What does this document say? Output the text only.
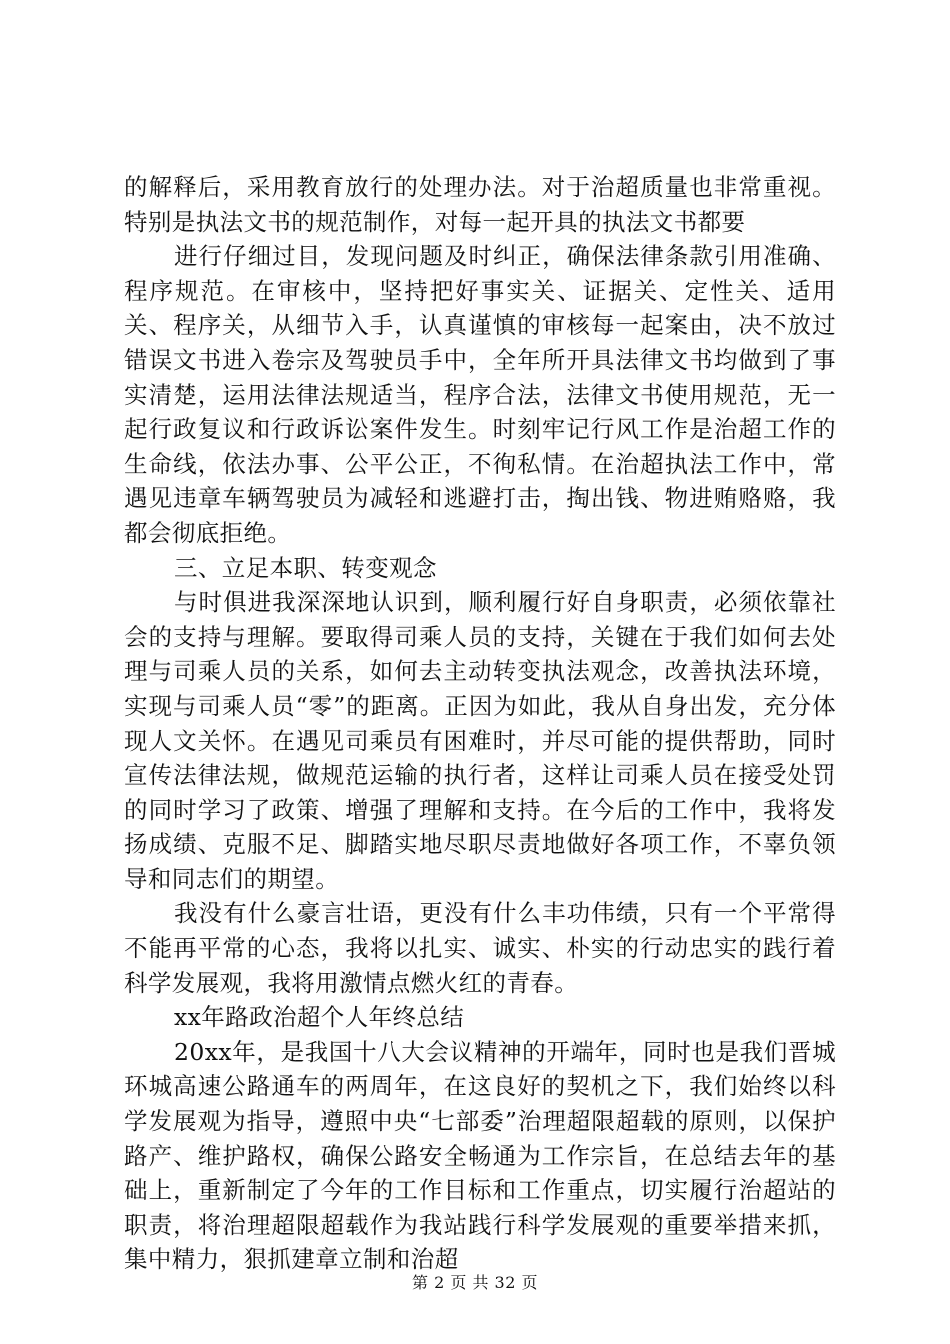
的解释后，采用教育放行的处理办法。对于治超质量也非常重视。特别是执法文书的规范制作，对每一起开具的执法文书都要

进行仔细过目，发现问题及时纠正，确保法律条款引用准确、程序规范。在审核中，坚持把好事实关、证据关、定性关、适用关、程序关，从细节入手，认真谨慎的审核每一起案由，决不放过错误文书进入卷宗及驾驶员手中，全年所开具法律文书均做到了事实清楚，运用法律法规适当，程序合法，法律文书使用规范，无一起行政复议和行政诉讼案件发生。时刻牢记行风工作是治超工作的生命线，依法办事、公平公正，不徇私情。在治超执法工作中，常遇见违章车辆驾驶员为减轻和逃避打击，掏出钱、物进贿赂赂，我都会彻底拒绝。

三、立足本职、转变观念

与时俱进我深深地认识到，顺利履行好自身职责，必须依靠社会的支持与理解。要取得司乘人员的支持，关键在于我们如何去处理与司乘人员的关系，如何去主动转变执法观念，改善执法环境，实现与司乘人员“零”的距离。正因为如此，我从自身出发，充分体现人文关怀。在遇见司乘员有困难时，并尽可能的提供帮助，同时宣传法律法规，做规范运输的执行者，这样让司乘人员在接受处罚的同时学习了政策、增强了理解和支持。在今后的工作中，我将发扬成绩、克服不足、脚踏实地尽职尽责地做好各项工作，不辜负领导和同志们的期望。

我没有什么豪言壮语，更没有什么丰功伟绩，只有一个平常得不能再平常的心态，我将以扎实、诚实、朴实的行动忠实的践行着科学发展观，我将用激情点燃火红的青春。

xx年路政治超个人年终总结

20xx年，是我国十八大会议精神的开端年，同时也是我们晋城环城高速公路通车的两周年，在这良好的契机之下，我们始终以科学发展观为指导，遵照中央“七部委”治理超限超载的原则，以保护路产、维护路权，确保公路安全畅通为工作宗旨，在总结去年的基础上，重新制定了今年的工作目标和工作重点，切实履行治超站的职责，将治理超限超载作为我站践行科学发展观的重要举措来抓，集中精力，狠抓建章立制和治超

第 2 页 共 32 页
